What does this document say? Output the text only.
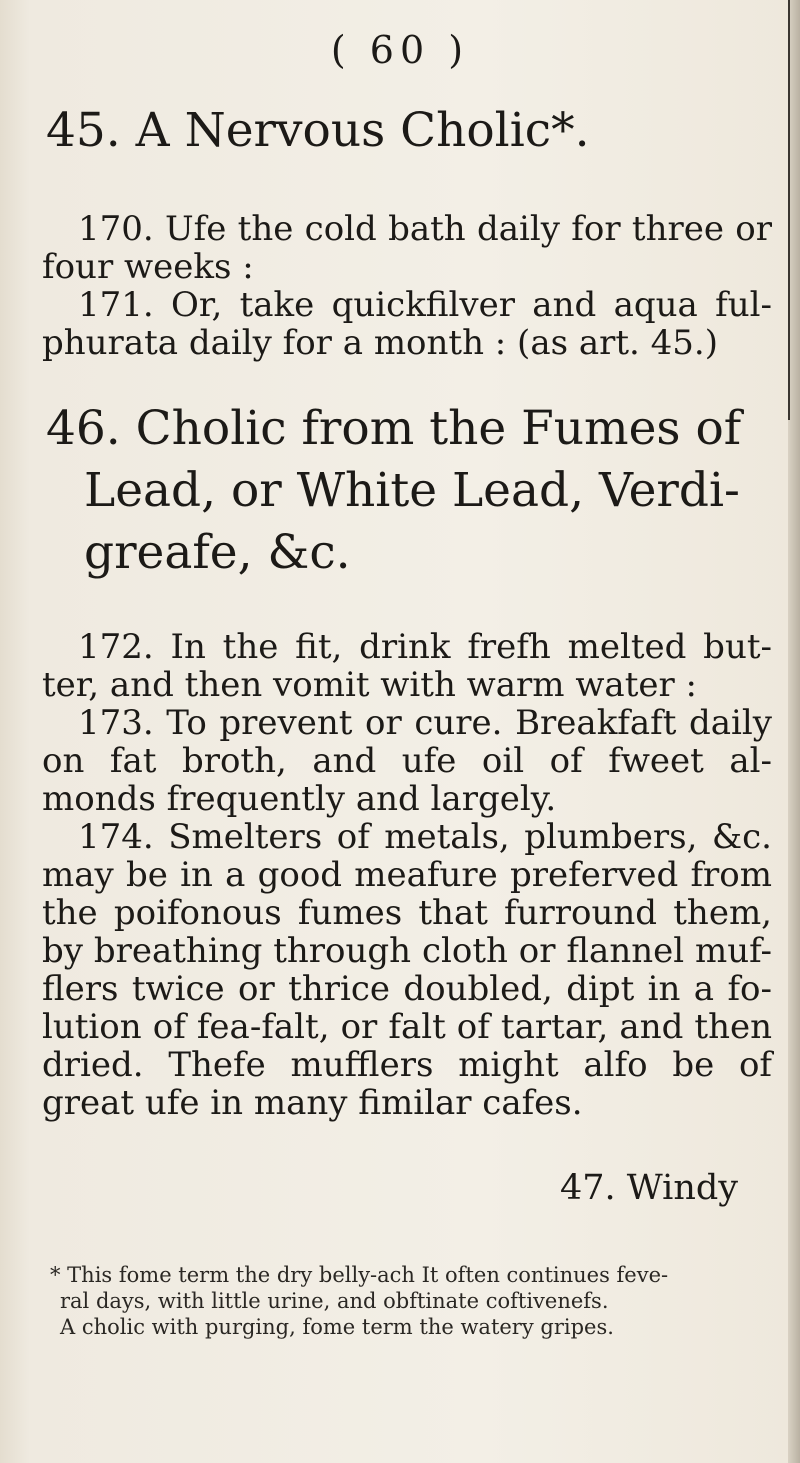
( 60 )
45. A Nervous Cholic*.
170. Ufe the cold bath daily for three or four weeks :
171. Or, take quickfilver and aqua ful- phurata daily for a month : (as art. 45.)
46. Cholic from the Fumes of
Lead, or White Lead, Verdi-
greafe, &c.
172. In the fit, drink frefh melted but- ter, and then vomit with warm water :
173. To prevent or cure. Breakfaft daily on fat broth, and ufe oil of fweet al- monds frequently and largely.
174. Smelters of metals, plumbers, &c. may be in a good meafure preferved from the poifonous fumes that furround them, by breathing through cloth or flannel muf- flers twice or thrice doubled, dipt in a fo- lution of fea-falt, or falt of tartar, and then dried. Thefe mufflers might alfo be of great ufe in many fimilar cafes.
47. Windy
* This fome term the dry belly-ach It often continues feve-
ral days, with little urine, and obftinate coftivenefs.
A cholic with purging, fome term the watery gripes.
